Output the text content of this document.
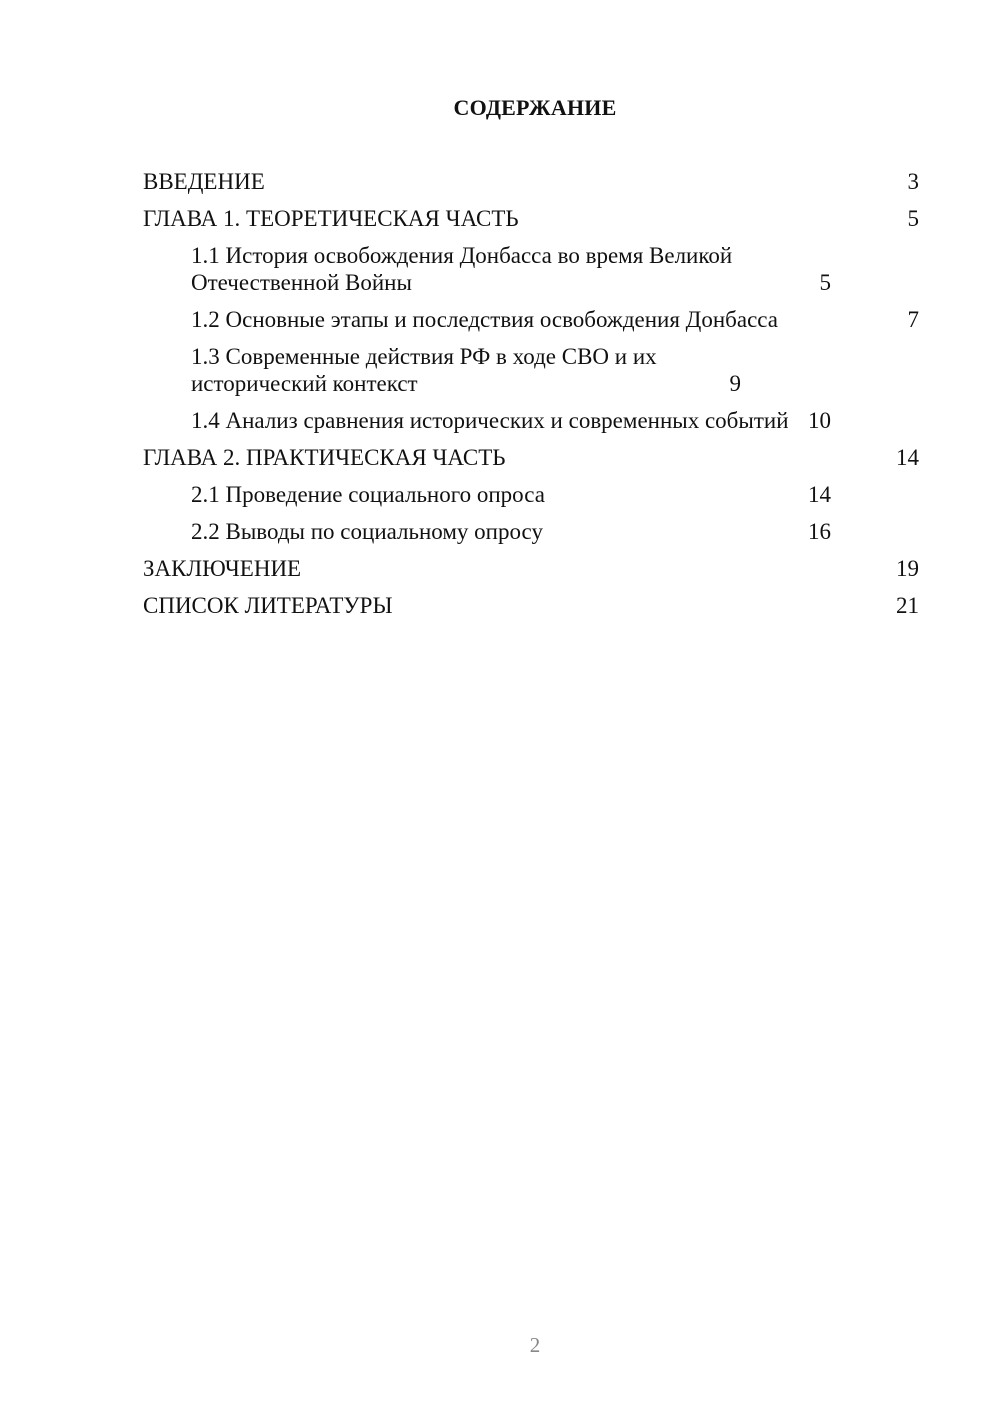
СОДЕРЖАНИЕ
ВВЕДЕНИЕ	3
ГЛАВА 1. ТЕОРЕТИЧЕСКАЯ ЧАСТЬ	5
1.1 История освобождения Донбасса во время Великой Отечественной Войны	5
1.2 Основные этапы и последствия освобождения Донбасса	7
1.3 Современные действия РФ в ходе СВО и их исторический контекст	9
1.4 Анализ сравнения исторических и современных событий 10
ГЛАВА 2. ПРАКТИЧЕСКАЯ ЧАСТЬ	14
2.1 Проведение социального опроса	14
2.2 Выводы по социальному опросу	16
ЗАКЛЮЧЕНИЕ	19
СПИСОК ЛИТЕРАТУРЫ	21
2
